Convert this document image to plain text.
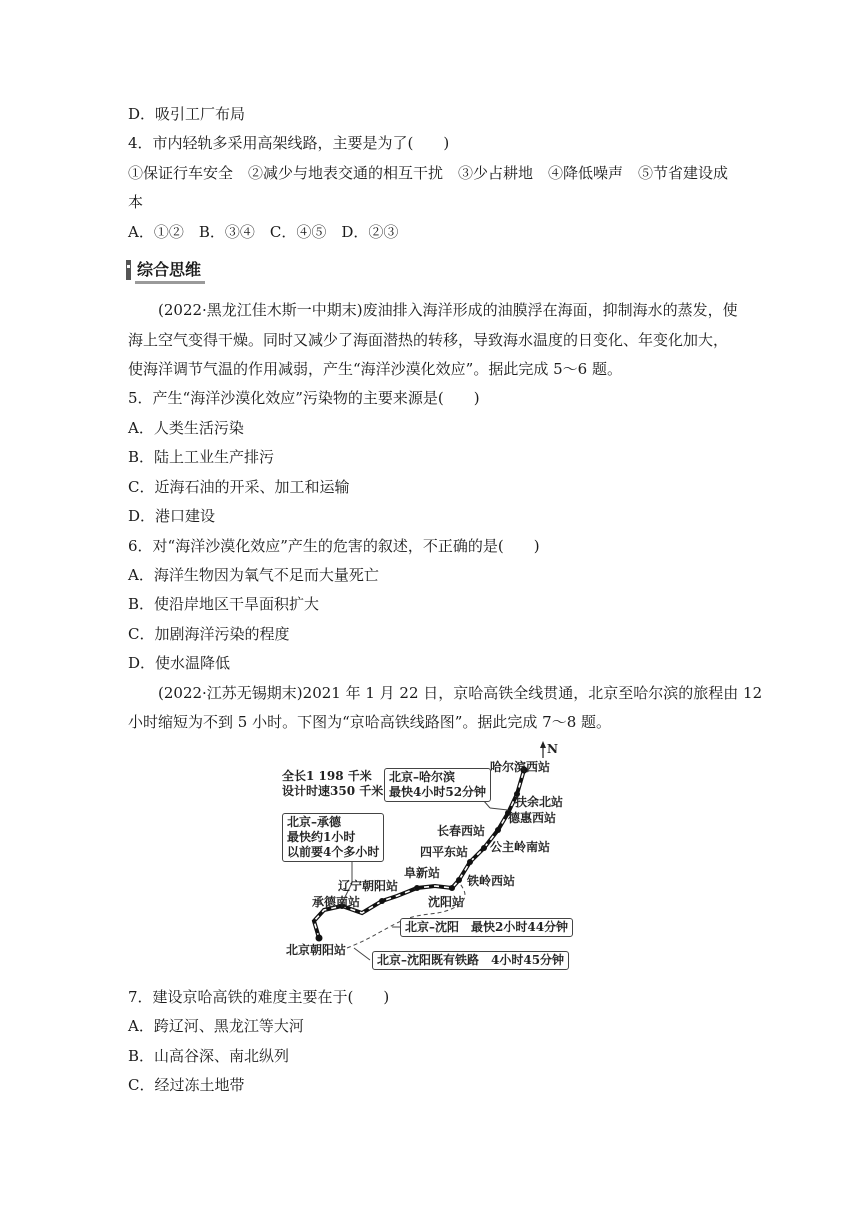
D．吸引工厂布局
4．市内轻轨多采用高架线路，主要是为了(　　)
①保证行车安全　②减少与地表交通的相互干扰　③少占耕地　④降低噪声　⑤节省建设成
本
A．①②　B．③④　C．④⑤　D．②③
综合思维
(2022·黑龙江佳木斯一中期末)废油排入海洋形成的油膜浮在海面，抑制海水的蒸发，使
海上空气变得干燥。同时又减少了海面潜热的转移，导致海水温度的日变化、年变化加大，
使海洋调节气温的作用减弱，产生“海洋沙漠化效应”。据此完成 5～6 题。
5．产生“海洋沙漠化效应”污染物的主要来源是(　　)
A．人类生活污染
B．陆上工业生产排污
C．近海石油的开采、加工和运输
D．港口建设
6．对“海洋沙漠化效应”产生的危害的叙述，不正确的是(　　)
A．海洋生物因为氧气不足而大量死亡
B．使沿岸地区干旱面积扩大
C．加剧海洋污染的程度
D．使水温降低
(2022·江苏无锡期末)2021 年 1 月 22 日，京哈高铁全线贯通，北京至哈尔滨的旅程由 12
小时缩短为不到 5 小时。下图为“京哈高铁线路图”。据此完成 7～8 题。
N
全长1 198 千米
设计时速350 千米
北京–哈尔滨
最快4小时52分钟
北京–承德
最快约1小时
以前要4个多小时
北京–沈阳　最快2小时44分钟
北京–沈阳既有铁路　4小时45分钟
哈尔滨西站
扶余北站
德惠西站
长春西站
四平东站 公主岭南站
阜新站
铁岭西站
辽宁朝阳站
沈阳站
承德南站
北京朝阳站
7．建设京哈高铁的难度主要在于(　　)
A．跨辽河、黑龙江等大河
B．山高谷深、南北纵列
C．经过冻土地带
